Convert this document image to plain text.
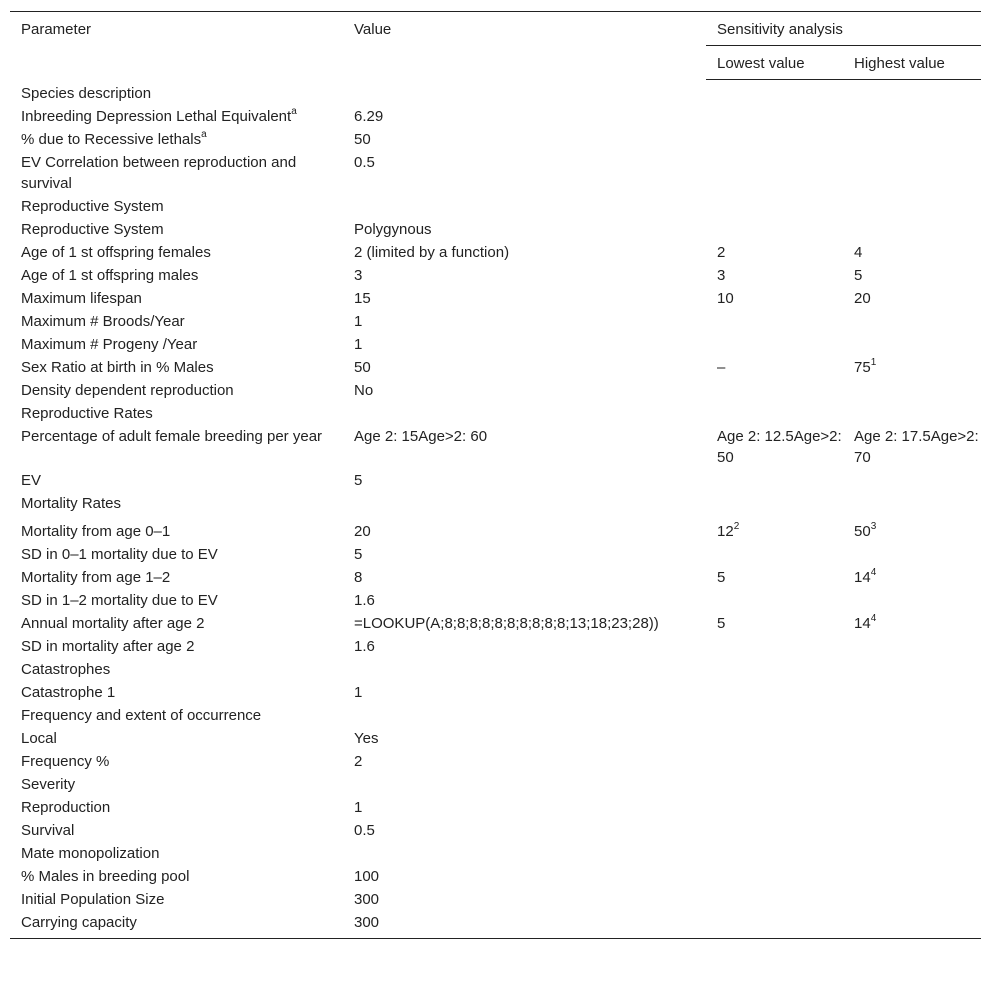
Parameter	Value	Sensitivity analysis	
		Lowest value	Highest value
Species description			
Inbreeding Depression Lethal Equivalent$^a$	6.29		
% due to Recessive lethals$^a$	50		
EV Correlation between reproduction and survival	0.5		
Reproductive System			
Reproductive System	Polygynous		
Age of 1 st offspring females	2 (limited by a function)	2	4
Age of 1 st offspring males	3	3	5
Maximum lifespan	15	10	20
Maximum # Broods/Year	1		
Maximum # Progeny /Year	1		
Sex Ratio at birth in % Males	50	–	$75^1$
Density dependent reproduction	No		
Reproductive Rates			
Percentage of adult female breeding per year	Age 2: 15Age>2: 60	Age 2: 12.5Age>2: 50	Age 2: 17.5Age>2: 70
EV	5		
Mortality Rates			
Mortality from age 0–1	20	$12^2$	$50^3$
SD in 0–1 mortality due to EV	5		
Mortality from age 1–2	8	5	$14^4$
SD in 1–2 mortality due to EV	1.6		
Annual mortality after age 2	=LOOKUP(A;8;8;8;8;8;8;8;8;8;8;13;18;23;28))	5	$14^4$
SD in mortality after age 2	1.6		
Catastrophes			
Catastrophe 1	1		
Frequency and extent of occurrence			
Local	Yes		
Frequency %	2		
Severity			
Reproduction	1		
Survival	0.5		
Mate monopolization			
% Males in breeding pool	100		
Initial Population Size	300		
Carrying capacity	300		
